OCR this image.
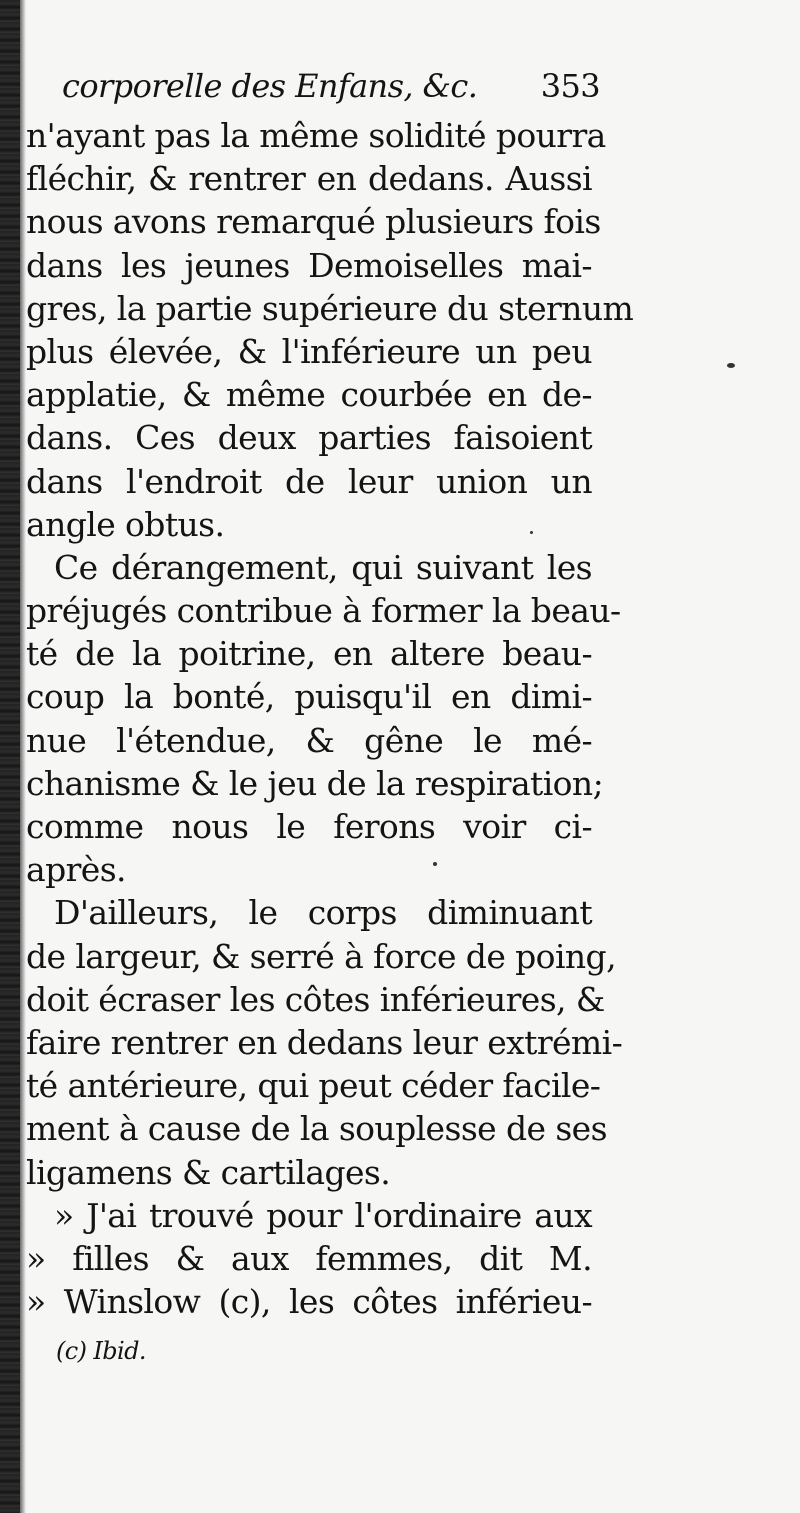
corporelle des Enfans, &c. 353
n'ayant pas la même solidité pourra
fléchir, & rentrer en dedans. Aussi
nous avons remarqué plusieurs fois
dans les jeunes Demoiselles mai-
gres, la partie supérieure du sternum
plus élevée, & l'inférieure un peu
applatie, & même courbée en de-
dans. Ces deux parties faisoient
dans l'endroit de leur union un
angle obtus.
Ce dérangement, qui suivant les
préjugés contribue à former la beau-
té de la poitrine, en altere beau-
coup la bonté, puisqu'il en dimi-
nue l'étendue, & gêne le mé-
chanisme & le jeu de la respiration;
comme nous le ferons voir ci-
après.
D'ailleurs, le corps diminuant
de largeur, & serré à force de poing,
doit écraser les côtes inférieures, &
faire rentrer en dedans leur extrémi-
té antérieure, qui peut céder facile-
ment à cause de la souplesse de ses
ligamens & cartilages.
» J'ai trouvé pour l'ordinaire aux
» filles & aux femmes, dit M.
» Winslow (c), les côtes inférieu-
(c) Ibid.
